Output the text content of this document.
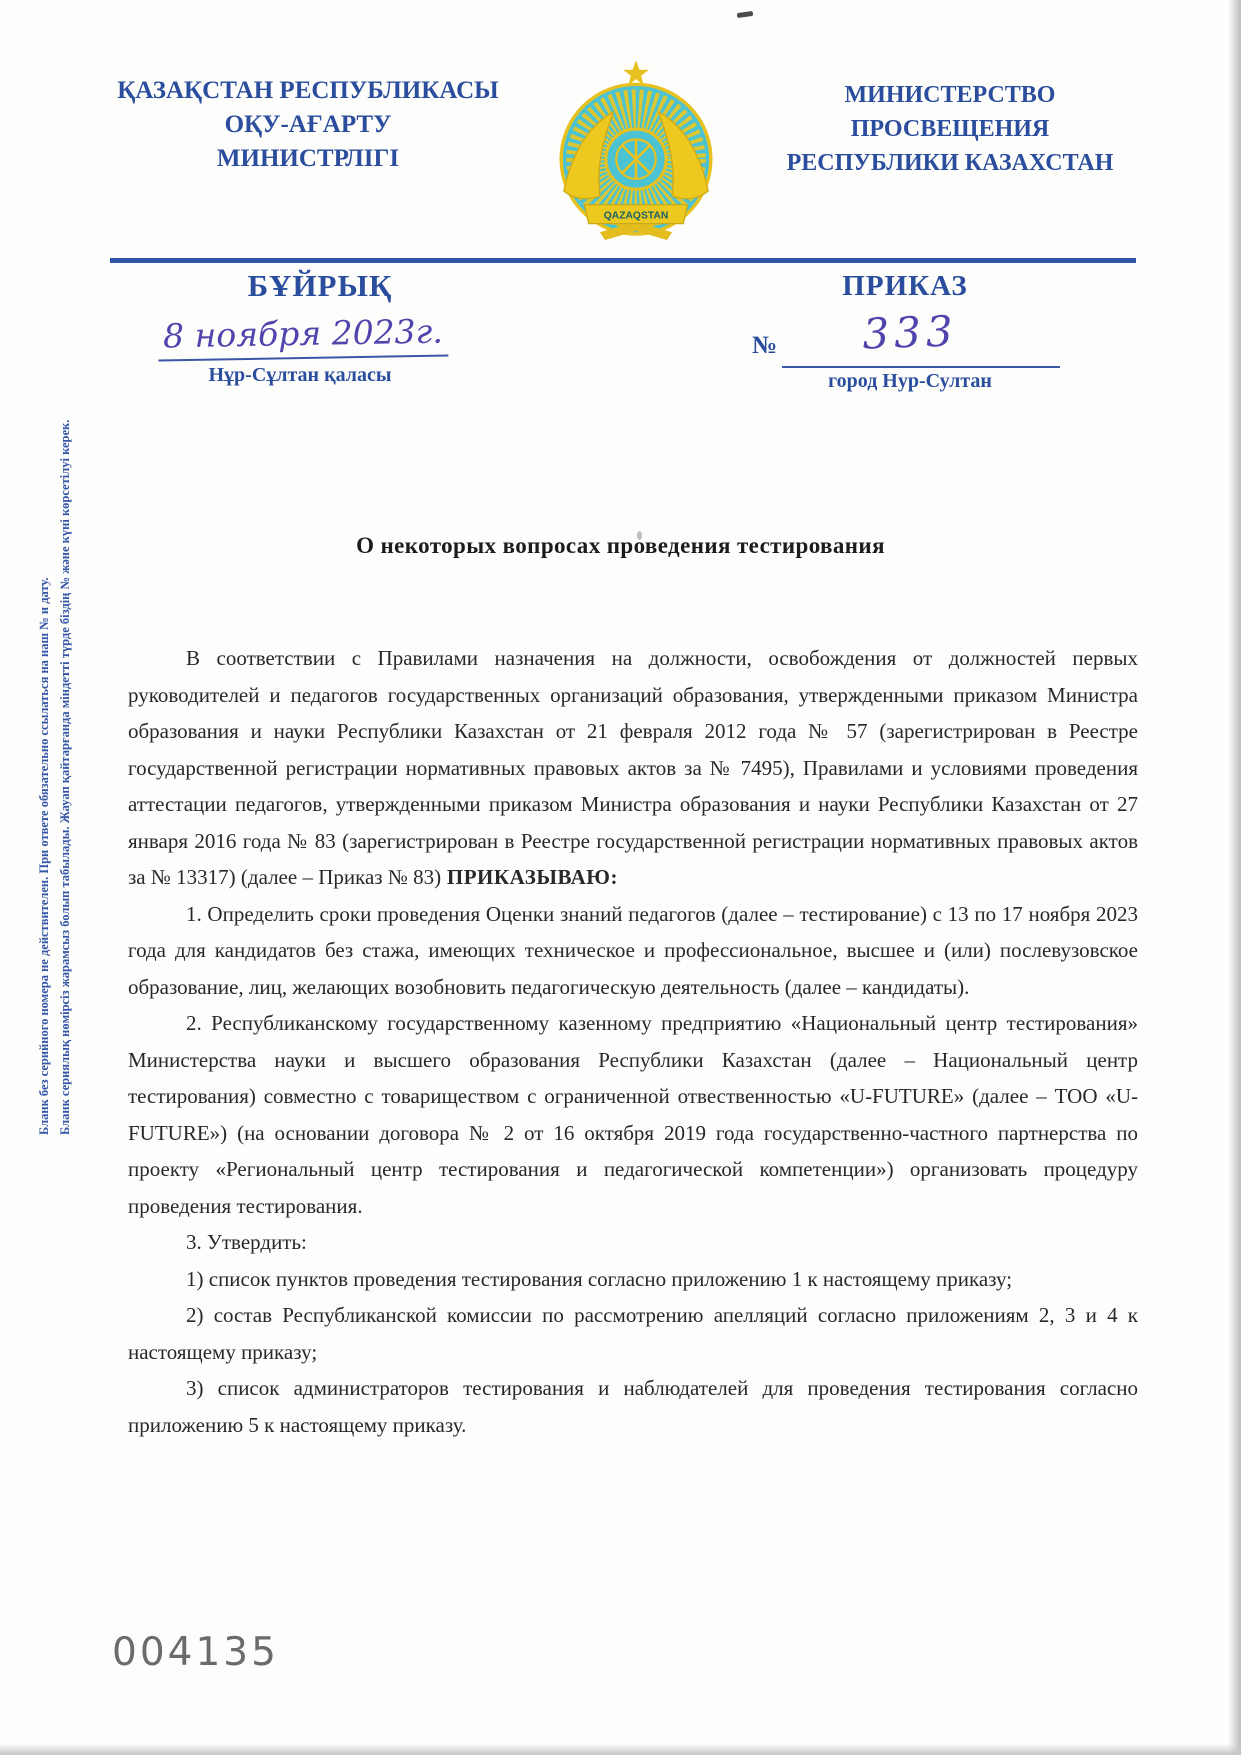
Бланк без серийного номера не действителен. При ответе обязательно ссылаться на наш № и дату. Бланк сериялық нөмірсіз жарамсыз болып табылады. Жауап қайтарғанда міндетті түрде біздің № және күні көрсетілуі керек.
ҚАЗАҚСТАН РЕСПУБЛИКАСЫ
ОҚУ-АҒАРТУ
МИНИСТРЛІГІ
QAZAQSTAN
МИНИСТЕРСТВО
ПРОСВЕЩЕНИЯ
РЕСПУБЛИКИ КАЗАХСТАН
БҰЙРЫҚ	ПРИКАЗ
8 ноября 2023г.
Нұр-Сұлтан қаласы
№	333
город Нур-Султан
О некоторых вопросах проведения тестирования

В соответствии с Правилами назначения на должности, освобождения от должностей первых руководителей и педагогов государственных организаций образования, утвержденными приказом Министра образования и науки Республики Казахстан от 21 февраля 2012 года № 57 (зарегистрирован в Реестре государственной регистрации нормативных правовых актов за № 7495), Правилами и условиями проведения аттестации педагогов, утвержденными приказом Министра образования и науки Республики Казахстан от 27 января 2016 года № 83 (зарегистрирован в Реестре государственной регистрации нормативных правовых актов за № 13317) (далее – Приказ № 83) ПРИКАЗЫВАЮ:

1. Определить сроки проведения Оценки знаний педагогов (далее – тестирование) с 13 по 17 ноября 2023 года для кандидатов без стажа, имеющих техническое и профессиональное, высшее и (или) послевузовское образование, лиц, желающих возобновить педагогическую деятельность (далее – кандидаты).

2. Республиканскому государственному казенному предприятию «Национальный центр тестирования» Министерства науки и высшего образования Республики Казахстан (далее – Национальный центр тестирования) совместно с товариществом с ограниченной отвественностью «U-FUTURE» (далее – ТОО «U-FUTURE») (на основании договора № 2 от 16 октября 2019 года государственно-частного партнерства по проекту «Региональный центр тестирования и педагогической компетенции») организовать процедуру проведения тестирования.

3. Утвердить:

1) список пунктов проведения тестирования согласно приложению 1 к настоящему приказу;

2) состав Республиканской комиссии по рассмотрению апелляций согласно приложениям 2, 3 и 4 к настоящему приказу;

3) список администраторов тестирования и наблюдателей для проведения тестирования согласно приложению 5 к настоящему приказу.

004135
